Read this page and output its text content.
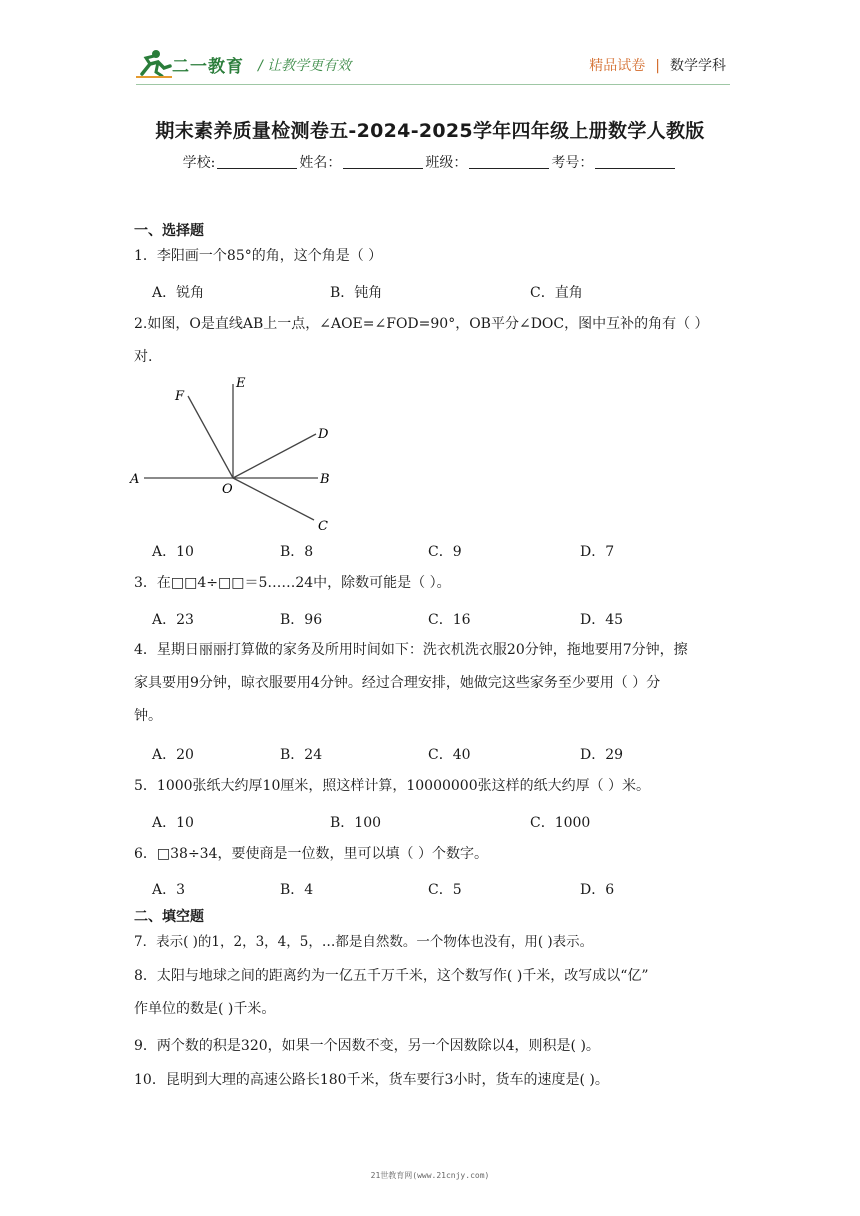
二一教育 / 让教学更有效	精品试卷 | 数学学科
期末素养质量检测卷五-2024-2025学年四年级上册数学人教版
学校:	姓名：	班级：	考号：
一、选择题
1．李阳画一个85°的角，这个角是（ ）
A．锐角	B．钝角	C．直角
2.如图，O是直线AB上一点，∠AOE=∠FOD=90°，OB平分∠DOC，图中互补的角有（ ）
对.
A	B
C
D
E
F
O
A．10	B．8	C．9	D．7
3．在□□4÷□□＝5……24中，除数可能是（ ）。
A．23	B．96	C．16	D．45
4．星期日丽丽打算做的家务及所用时间如下：洗衣机洗衣服20分钟，拖地要用7分钟，擦
家具要用9分钟，晾衣服要用4分钟。经过合理安排，她做完这些家务至少要用（ ）分
钟。
A．20	B．24	C．40	D．29
5．1000张纸大约厚10厘米，照这样计算，10000000张这样的纸大约厚（ ）米。
A．10	B．100	C．1000
6．□38÷34，要使商是一位数，里可以填（ ）个数字。
A．3	B．4	C．5	D．6
二、填空题
7．表示( )的1，2，3，4，5，…都是自然数。一个物体也没有，用( )表示。
8．太阳与地球之间的距离约为一亿五千万千米，这个数写作( )千米，改写成以“亿”
作单位的数是( )千米。
9．两个数的积是320，如果一个因数不变，另一个因数除以4，则积是( )。
10．昆明到大理的高速公路长180千米，货车要行3小时，货车的速度是( )。
21世教育网(www.21cnjy.com)
